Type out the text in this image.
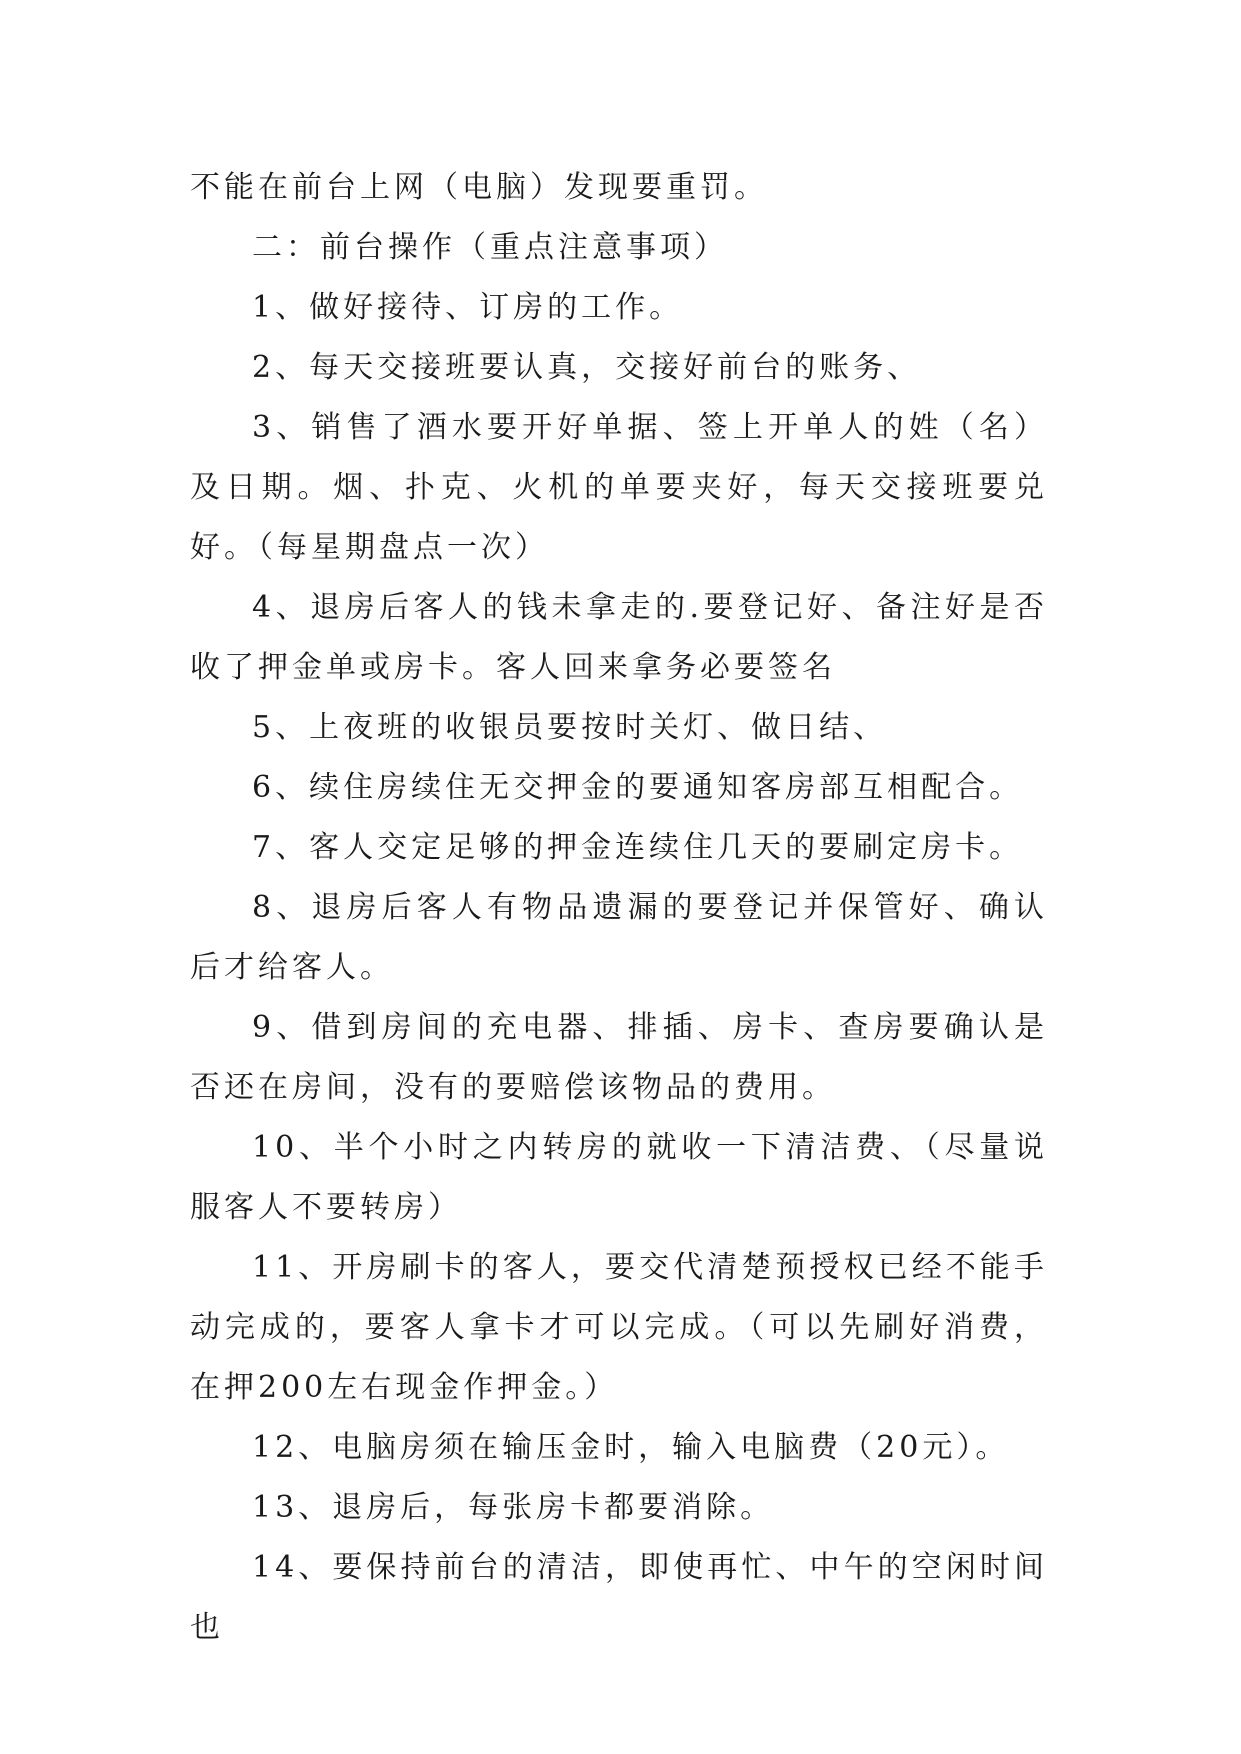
不能在前台上网（电脑）发现要重罚。

二：前台操作（重点注意事项）

1、做好接待、订房的工作。

2、每天交接班要认真，交接好前台的账务、

3、销售了酒水要开好单据、签上开单人的姓（名）及日期。烟、扑克、火机的单要夹好，每天交接班要兑好。（每星期盘点一次）

4、退房后客人的钱未拿走的.要登记好、备注好是否收了押金单或房卡。客人回来拿务必要签名

5、上夜班的收银员要按时关灯、做日结、

6、续住房续住无交押金的要通知客房部互相配合。

7、客人交定足够的押金连续住几天的要刷定房卡。

8、退房后客人有物品遗漏的要登记并保管好、确认后才给客人。

9、借到房间的充电器、排插、房卡、查房要确认是否还在房间，没有的要赔偿该物品的费用。

10、半个小时之内转房的就收一下清洁费、（尽量说服客人不要转房）

11、开房刷卡的客人，要交代清楚预授权已经不能手动完成的，要客人拿卡才可以完成。（可以先刷好消费，在押200左右现金作押金。）

12、电脑房须在输压金时，输入电脑费（20元）。

13、退房后，每张房卡都要消除。

14、要保持前台的清洁，即使再忙、中午的空闲时间也
